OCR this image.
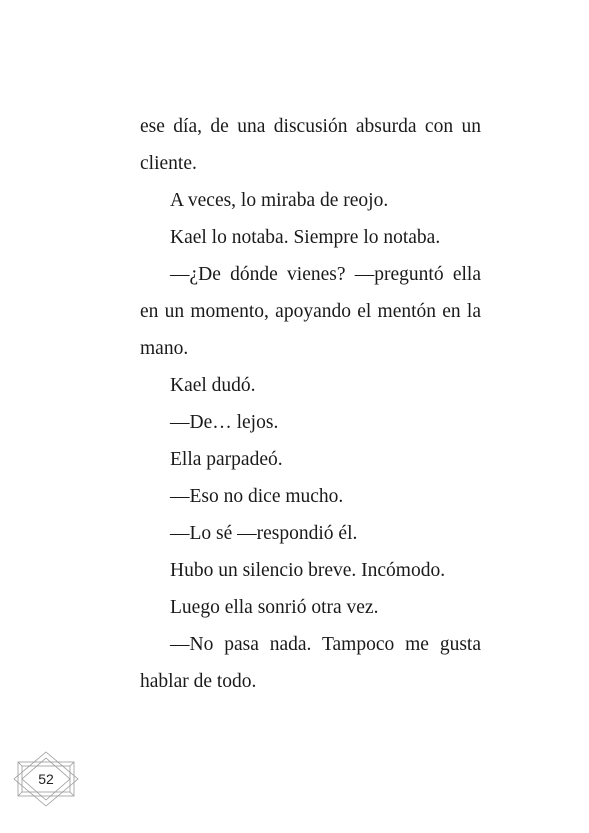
ese día, de una discusión absurda con un cliente.

A veces, lo miraba de reojo.

Kael lo notaba. Siempre lo notaba.

—¿De dónde vienes? —preguntó ella en un momento, apoyando el mentón en la mano.

Kael dudó.

—De… lejos.

Ella parpadeó.

—Eso no dice mucho.

—Lo sé —respondió él.

Hubo un silencio breve. Incómodo.

Luego ella sonrió otra vez.

—No pasa nada. Tampoco me gusta hablar de todo.

52
